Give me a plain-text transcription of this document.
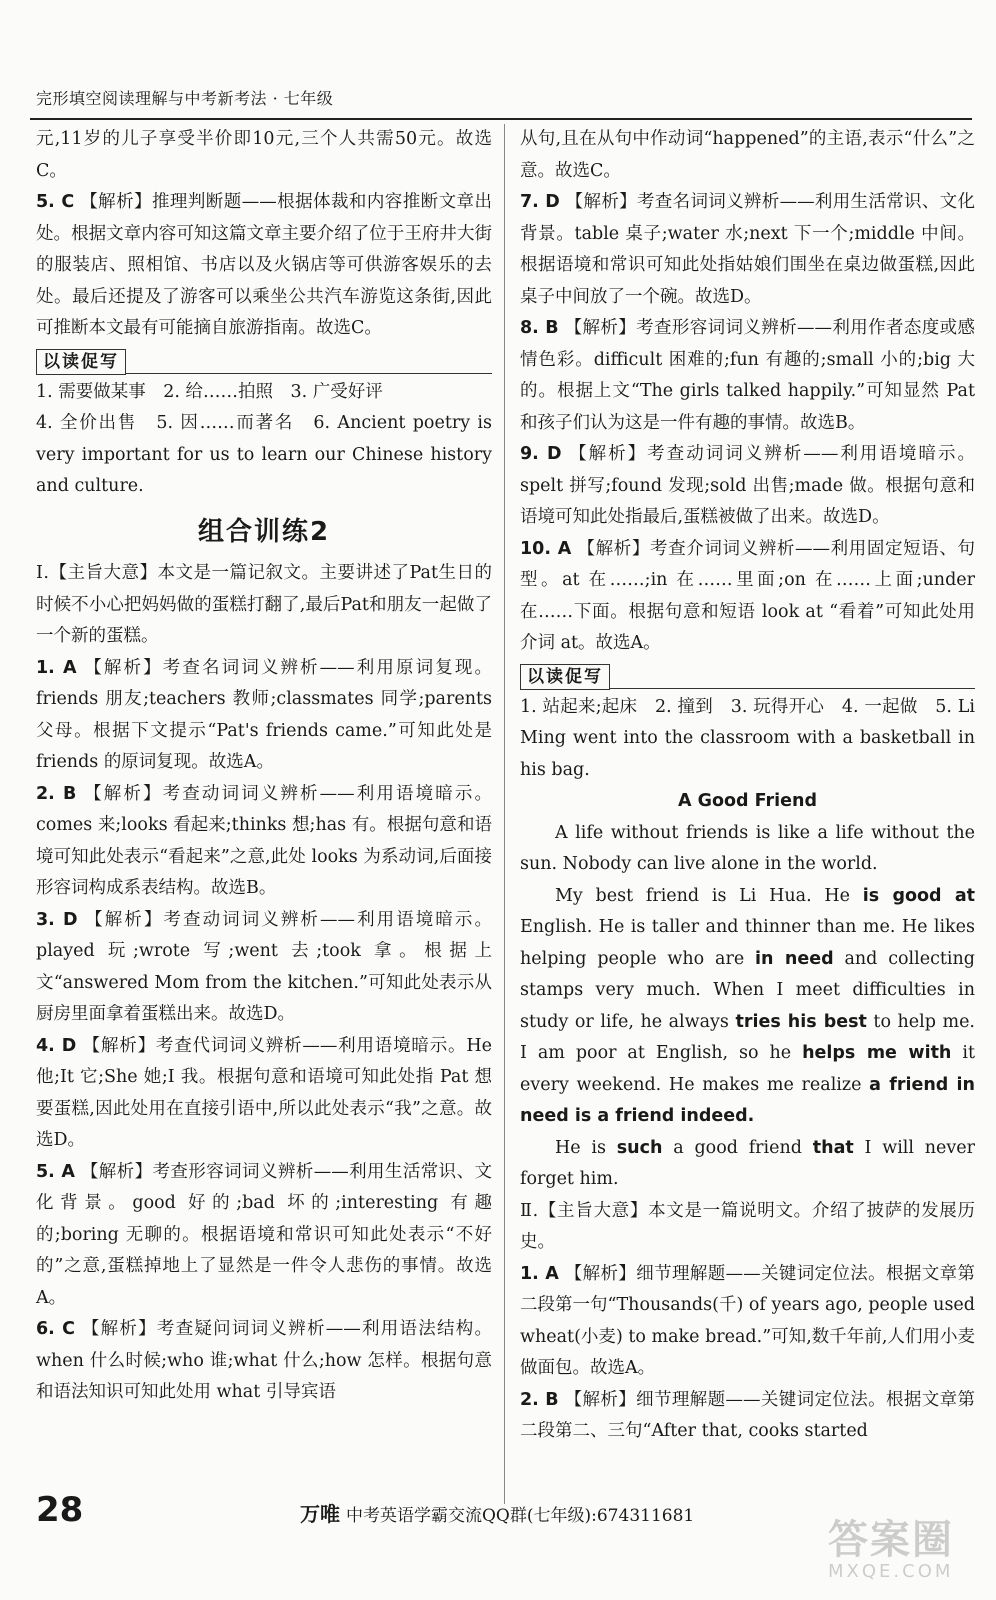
完形填空阅读理解与中考新考法 · 七年级

元,11岁的儿子享受半价即10元,三个人共需50元。故选C。

5. C 【解析】推理判断题——根据体裁和内容推断文章出处。根据文章内容可知这篇文章主要介绍了位于王府井大街的服装店、照相馆、书店以及火锅店等可供游客娱乐的去处。最后还提及了游客可以乘坐公共汽车游览这条街,因此可推断本文最有可能摘自旅游指南。故选C。

以读促写

1. 需要做某事　2. 给……拍照　3. 广受好评

4. 全价出售　5. 因……而著名　6. Ancient poetry is very important for us to learn our Chinese history and culture.

组合训练2

Ⅰ.【主旨大意】本文是一篇记叙文。主要讲述了Pat生日的时候不小心把妈妈做的蛋糕打翻了,最后Pat和朋友一起做了一个新的蛋糕。

1. A 【解析】考查名词词义辨析——利用原词复现。friends 朋友;teachers 教师;classmates 同学;parents 父母。根据下文提示“Pat's friends came.”可知此处是 friends 的原词复现。故选A。

2. B 【解析】考查动词词义辨析——利用语境暗示。comes 来;looks 看起来;thinks 想;has 有。根据句意和语境可知此处表示“看起来”之意,此处 looks 为系动词,后面接形容词构成系表结构。故选B。

3. D 【解析】考查动词词义辨析——利用语境暗示。played 玩;wrote 写;went 去;took 拿。根据上文“answered Mom from the kitchen.”可知此处表示从厨房里面拿着蛋糕出来。故选D。

4. D 【解析】考查代词词义辨析——利用语境暗示。He 他;It 它;She 她;I 我。根据句意和语境可知此处指 Pat 想要蛋糕,因此处用在直接引语中,所以此处表示“我”之意。故选D。

5. A 【解析】考查形容词词义辨析——利用生活常识、文化背景。good 好的;bad 坏的;interesting 有趣的;boring 无聊的。根据语境和常识可知此处表示“不好的”之意,蛋糕掉地上了显然是一件令人悲伤的事情。故选A。

6. C 【解析】考查疑问词词义辨析——利用语法结构。when 什么时候;who 谁;what 什么;how 怎样。根据句意和语法知识可知此处用 what 引导宾语

从句,且在从句中作动词“happened”的主语,表示“什么”之意。故选C。

7. D 【解析】考查名词词义辨析——利用生活常识、文化背景。table 桌子;water 水;next 下一个;middle 中间。根据语境和常识可知此处指姑娘们围坐在桌边做蛋糕,因此桌子中间放了一个碗。故选D。

8. B 【解析】考查形容词词义辨析——利用作者态度或感情色彩。difficult 困难的;fun 有趣的;small 小的;big 大的。根据上文“The girls talked happily.”可知显然 Pat 和孩子们认为这是一件有趣的事情。故选B。

9. D 【解析】考查动词词义辨析——利用语境暗示。spelt 拼写;found 发现;sold 出售;made 做。根据句意和语境可知此处指最后,蛋糕被做了出来。故选D。

10. A 【解析】考查介词词义辨析——利用固定短语、句型。at 在……;in 在……里面;on 在……上面;under 在……下面。根据句意和短语 look at “看着”可知此处用介词 at。故选A。

以读促写

1. 站起来;起床　2. 撞到　3. 玩得开心　4. 一起做　5. Li Ming went into the classroom with a basketball in his bag.

A Good Friend

A life without friends is like a life without the sun. Nobody can live alone in the world.

My best friend is Li Hua. He is good at English. He is taller and thinner than me. He likes helping people who are in need and collecting stamps very much. When I meet difficulties in study or life, he always tries his best to help me. I am poor at English, so he helps me with it every weekend. He makes me realize a friend in need is a friend indeed.

He is such a good friend that I will never forget him.

Ⅱ.【主旨大意】本文是一篇说明文。介绍了披萨的发展历史。

1. A 【解析】细节理解题——关键词定位法。根据文章第二段第一句“Thousands(千) of years ago, people used wheat(小麦) to make bread.”可知,数千年前,人们用小麦做面包。故选A。

2. B 【解析】细节理解题——关键词定位法。根据文章第二段第二、三句“After that, cooks started

28	万唯 中考英语学霸交流QQ群(七年级):674311681
答案圈
MXQE.COM
